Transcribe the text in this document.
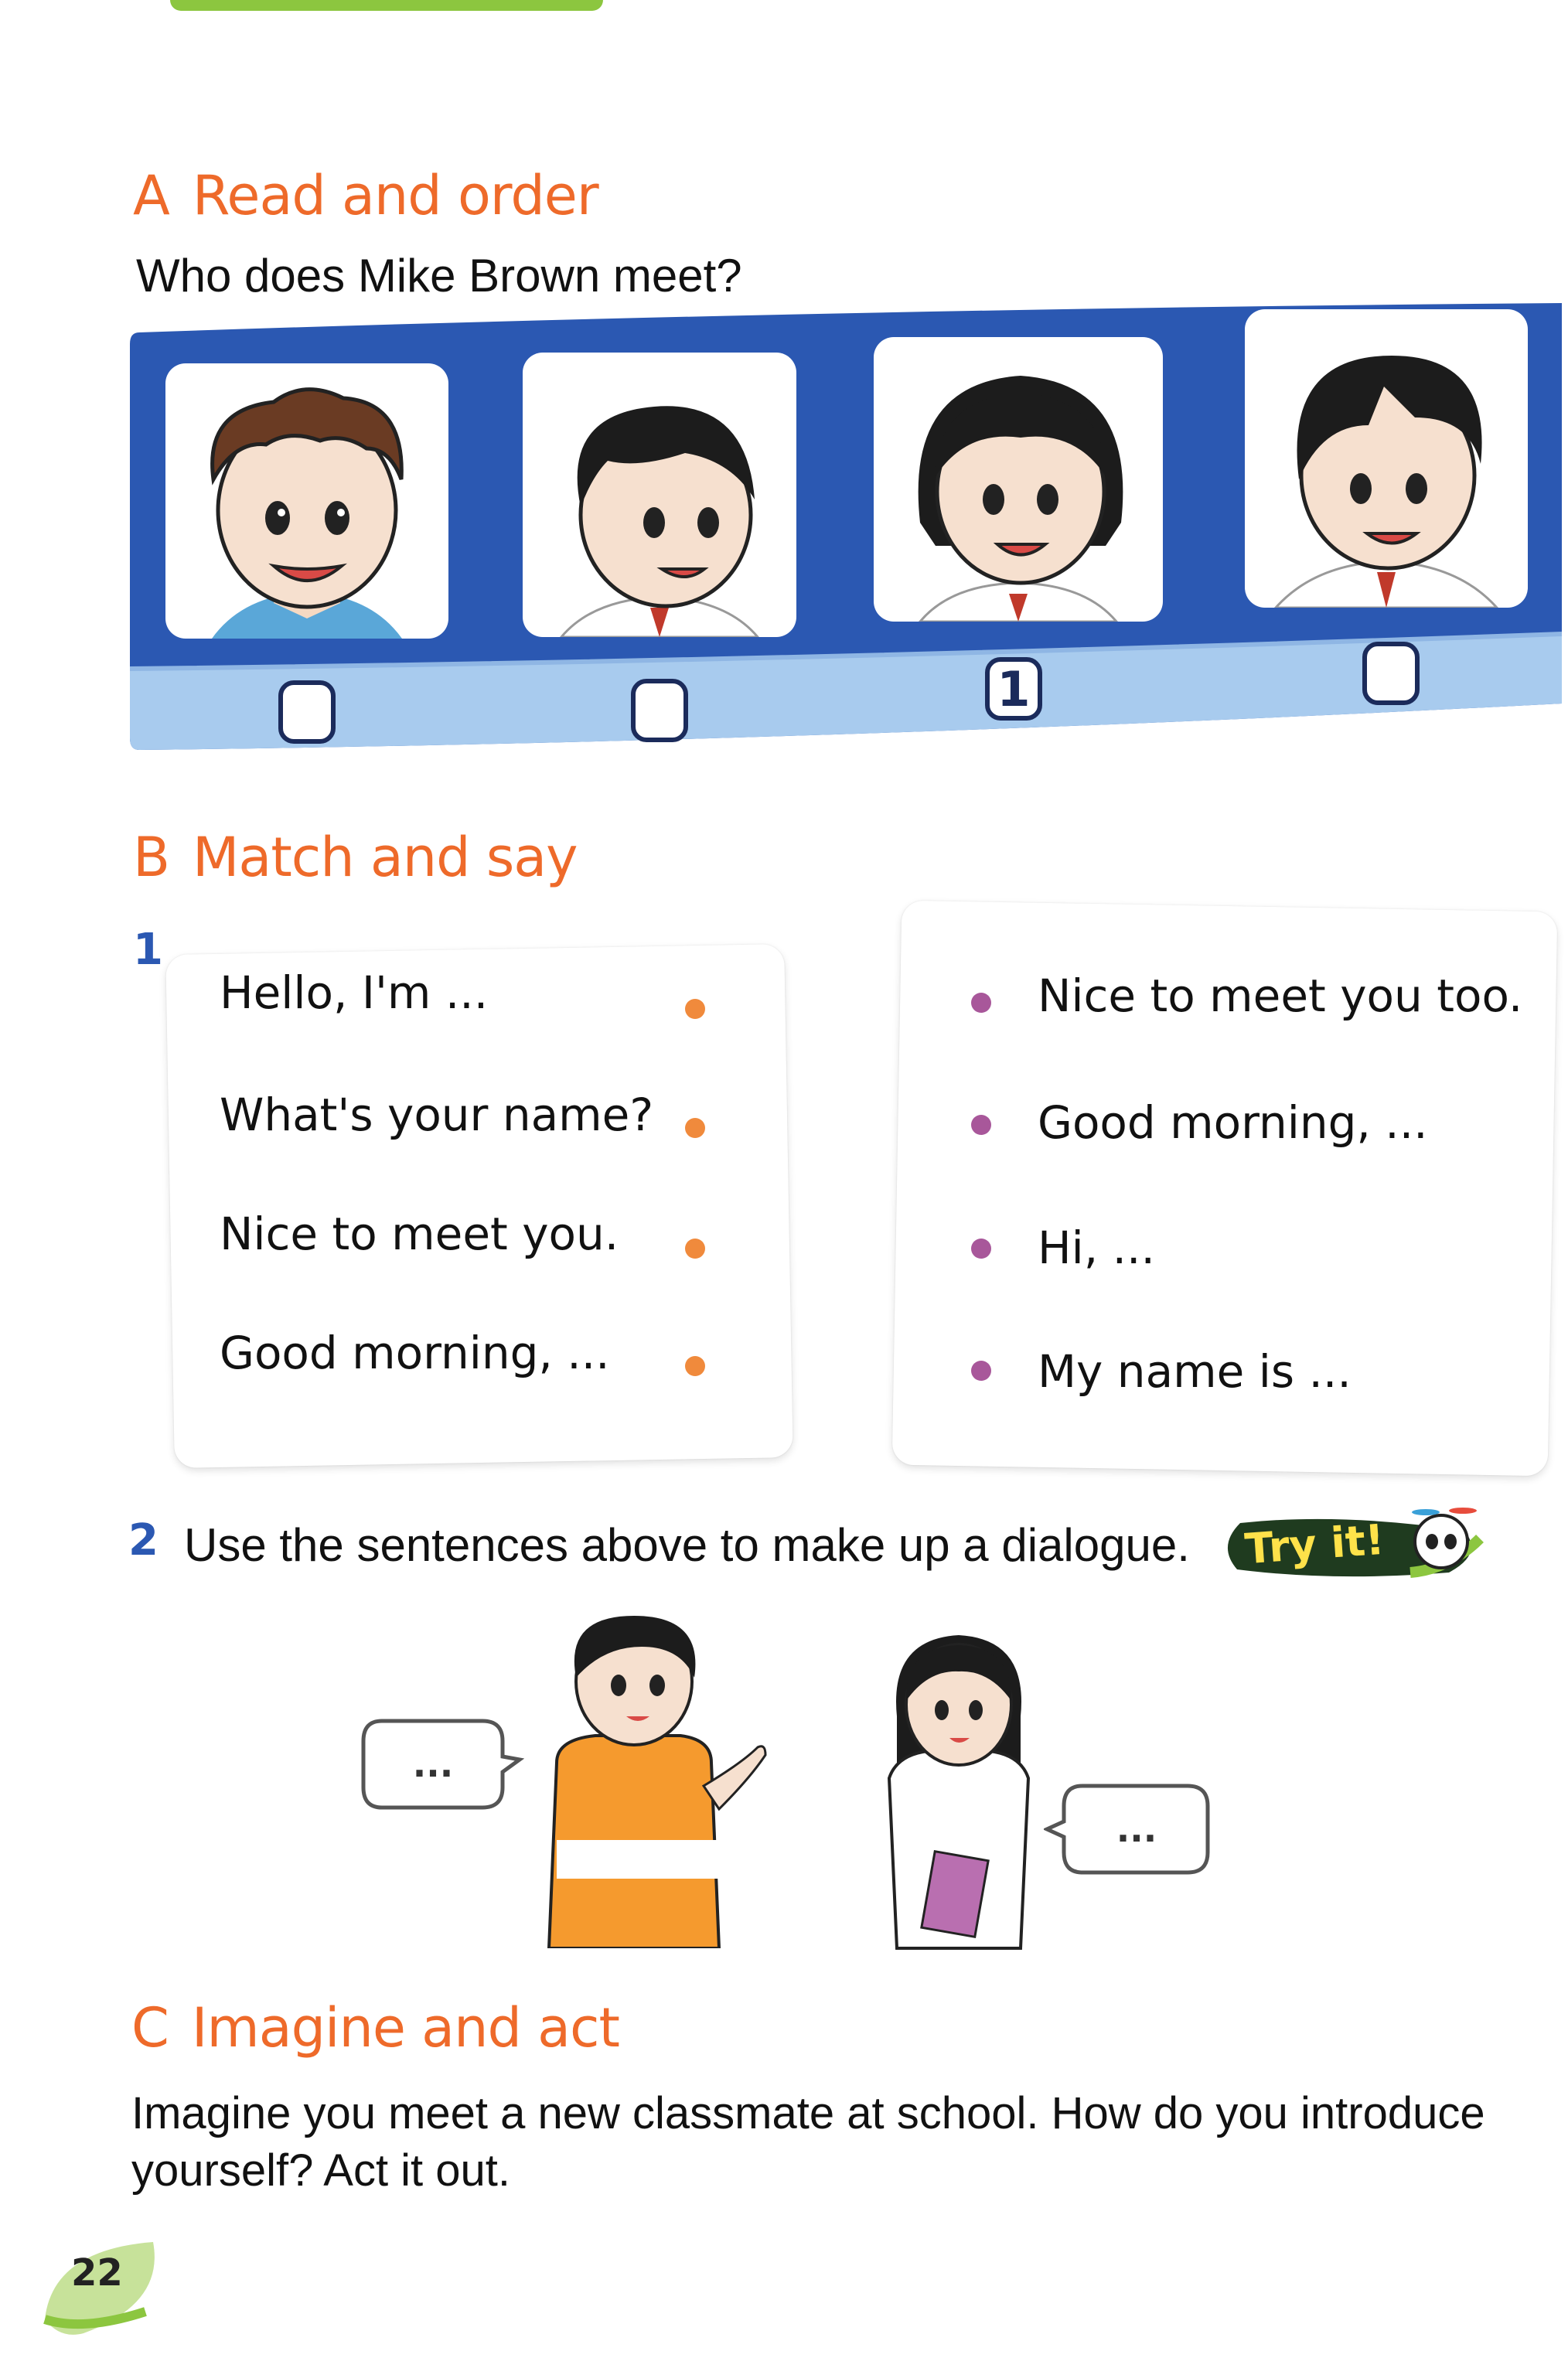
A Read and order
Who does Mike Brown meet?
1
B Match and say
1
Hello, I'm ...
What's your name?
Nice to meet you.
Good morning, ...
Nice to meet you too.
Good morning, ...
Hi, ...
My name is ...
2 Use the sentences above to make up a dialogue. Try it!
...
...
C Imagine and act
Imagine you meet a new classmate at school. How do you introduce
yourself? Act it out.
22
